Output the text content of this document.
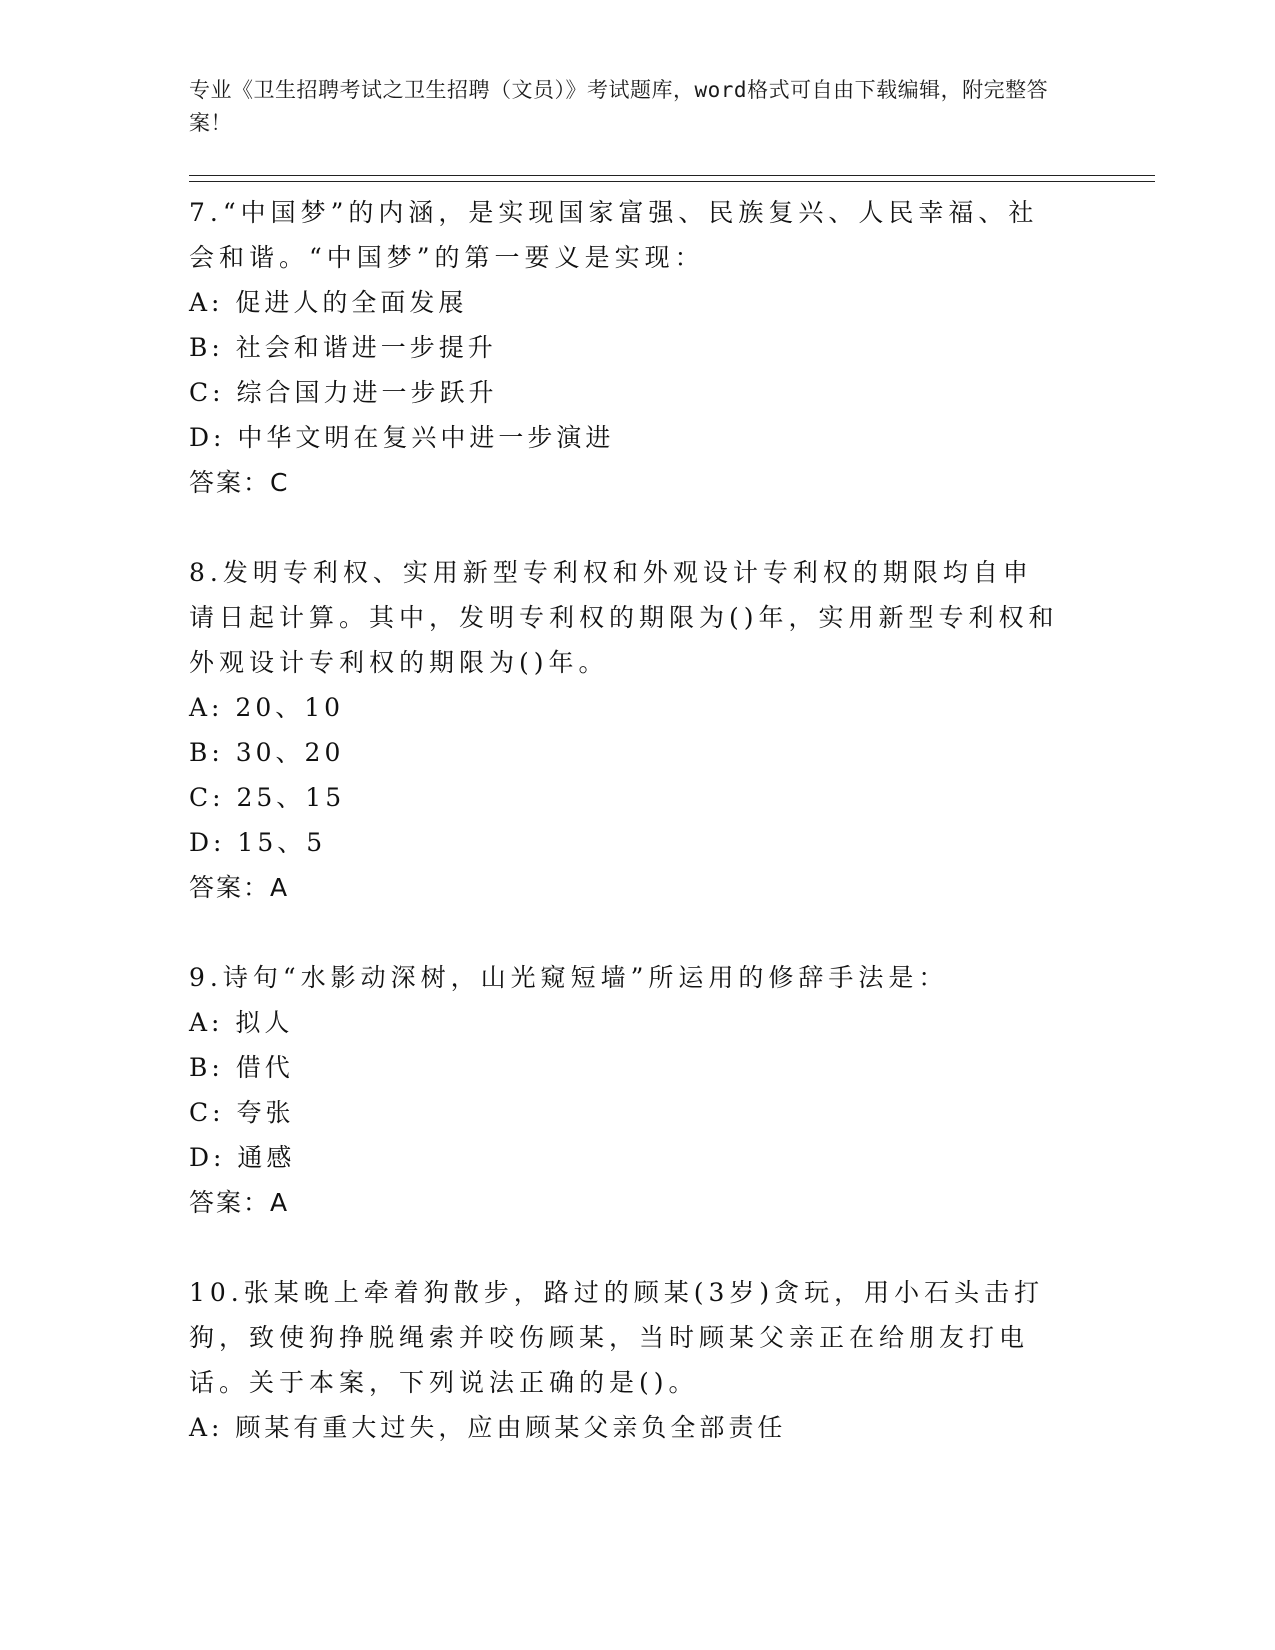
专业《卫生招聘考试之卫生招聘（文员）》考试题库，word格式可自由下载编辑，附完整答案！

7.“中国梦”的内涵，是实现国家富强、民族复兴、人民幸福、社会和谐。“中国梦”的第一要义是实现：

A: 促进人的全面发展

B: 社会和谐进一步提升

C: 综合国力进一步跃升

D: 中华文明在复兴中进一步演进

答案：C

8.发明专利权、实用新型专利权和外观设计专利权的期限均自申请日起计算。其中，发明专利权的期限为()年，实用新型专利权和外观设计专利权的期限为()年。

A: 20、10

B: 30、20

C: 25、15

D: 15、5

答案：A

9.诗句“水影动深树，山光窥短墙”所运用的修辞手法是：

A: 拟人

B: 借代

C: 夸张

D: 通感

答案：A

10.张某晚上牵着狗散步，路过的顾某(3岁)贪玩，用小石头击打狗，致使狗挣脱绳索并咬伤顾某，当时顾某父亲正在给朋友打电话。关于本案，下列说法正确的是()。

A: 顾某有重大过失，应由顾某父亲负全部责任
